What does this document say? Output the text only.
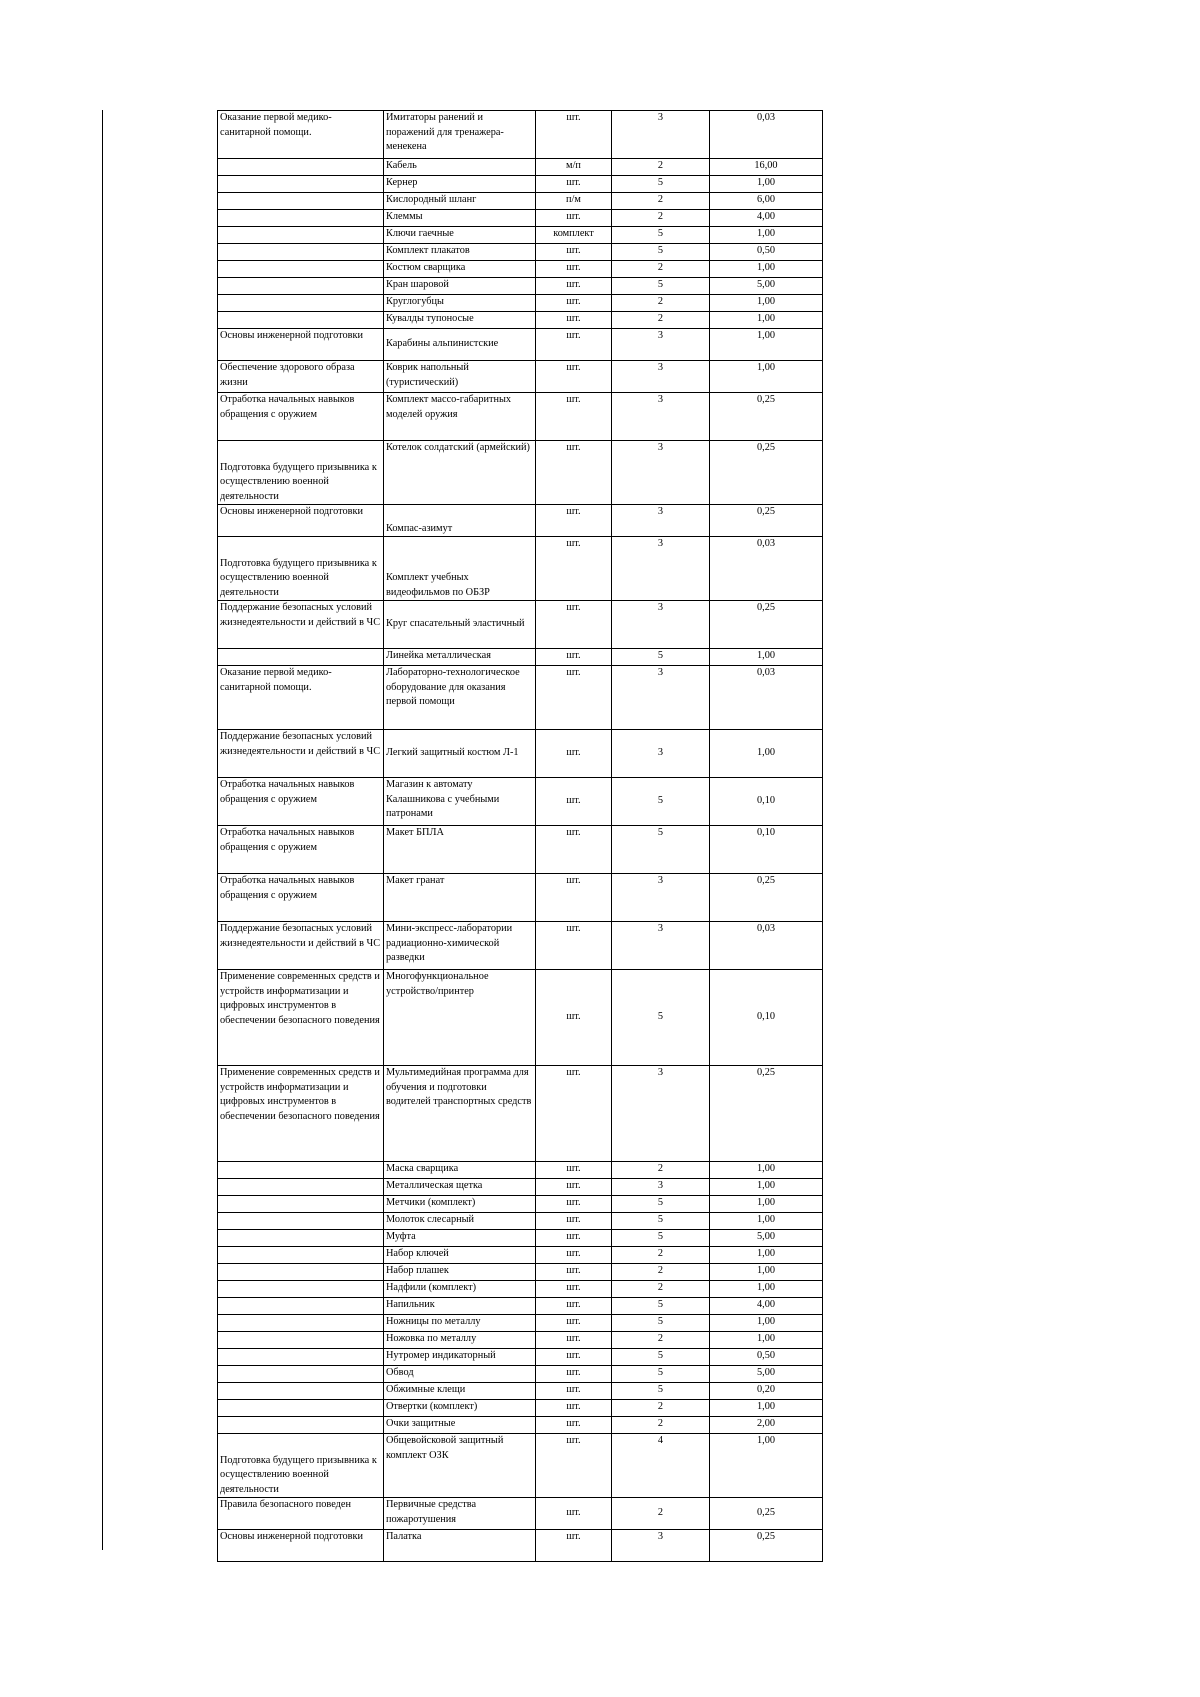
Оказание первой медико-санитарной помощи.	Имитаторы ранений и поражений для тренажера-менекена	шт.	3	0,03
	Кабель	м/п	2	16,00
	Кернер	шт.	5	1,00
	Кислородный шланг	п/м	2	6,00
	Клеммы	шт.	2	4,00
	Ключи гаечные	комплект	5	1,00
	Комплект плакатов	шт.	5	0,50
	Костюм сварщика	шт.	2	1,00
	Кран шаровой	шт.	5	5,00
	Круглогубцы	шт.	2	1,00
	Кувалды тупоносые	шт.	2	1,00
Основы инженерной подготовки	Карабины альпинистские	шт.	3	1,00
Обеспечение здорового образа жизни	Коврик напольный (туристический)	шт.	3	1,00
Отработка начальных навыков обращения с оружием	Комплект массо-габаритных моделей оружия	шт.	3	0,25
Подготовка будущего призывника к осуществлению военной деятельности	Котелок солдатский (армейский)	шт.	3	0,25
Основы инженерной подготовки	Компас-азимут	шт.	3	0,25
Подготовка будущего призывника к осуществлению военной деятельности	Комплект учебных видеофильмов по ОБЗР	шт.	3	0,03
Поддержание безопасных условий жизнедеятельности и действий в ЧС	Круг спасательный эластичный	шт.	3	0,25
	Линейка металлическая	шт.	5	1,00
Оказание первой медико-санитарной помощи.	Лабораторно-технологическое оборудование для оказания первой помощи	шт.	3	0,03
Поддержание безопасных условий жизнедеятельности и действий в ЧС	Легкий защитный костюм Л-1	шт.	3	1,00
Отработка начальных навыков обращения с оружием	Магазин к автомату Калашникова с учебными патронами	шт.	5	0,10
Отработка начальных навыков обращения с оружием	Макет БПЛА	шт.	5	0,10
Отработка начальных навыков обращения с оружием	Макет гранат	шт.	3	0,25
Поддержание безопасных условий жизнедеятельности и действий в ЧС	Мини-экспресс-лаборатории радиационно-химической разведки	шт.	3	0,03
Применение современных средств и устройств информатизации и цифровых инструментов в обеспечении безопасного поведения	Многофункциональное устройство/принтер	шт.	5	0,10
Применение современных средств и устройств информатизации и цифровых инструментов в обеспечении безопасного поведения	Мультимедийная программа для обучения и подготовки водителей транспортных средств	шт.	3	0,25
	Маска сварщика	шт.	2	1,00
	Металлическая щетка	шт.	3	1,00
	Метчики (комплект)	шт.	5	1,00
	Молоток слесарный	шт.	5	1,00
	Муфта	шт.	5	5,00
	Набор ключей	шт.	2	1,00
	Набор плашек	шт.	2	1,00
	Надфили (комплект)	шт.	2	1,00
	Напильник	шт.	5	4,00
	Ножницы по металлу	шт.	5	1,00
	Ножовка по металлу	шт.	2	1,00
	Нутромер индикаторный	шт.	5	0,50
	Обвод	шт.	5	5,00
	Обжимные клещи	шт.	5	0,20
	Отвертки (комплект)	шт.	2	1,00
	Очки защитные	шт.	2	2,00
Подготовка будущего призывника к осуществлению военной деятельности	Общевойсковой защитный комплект ОЗК	шт.	4	1,00
Правила безопасного поведен	Первичные средства пожаротушения	шт.	2	0,25
Основы инженерной подготовки	Палатка	шт.	3	0,25
